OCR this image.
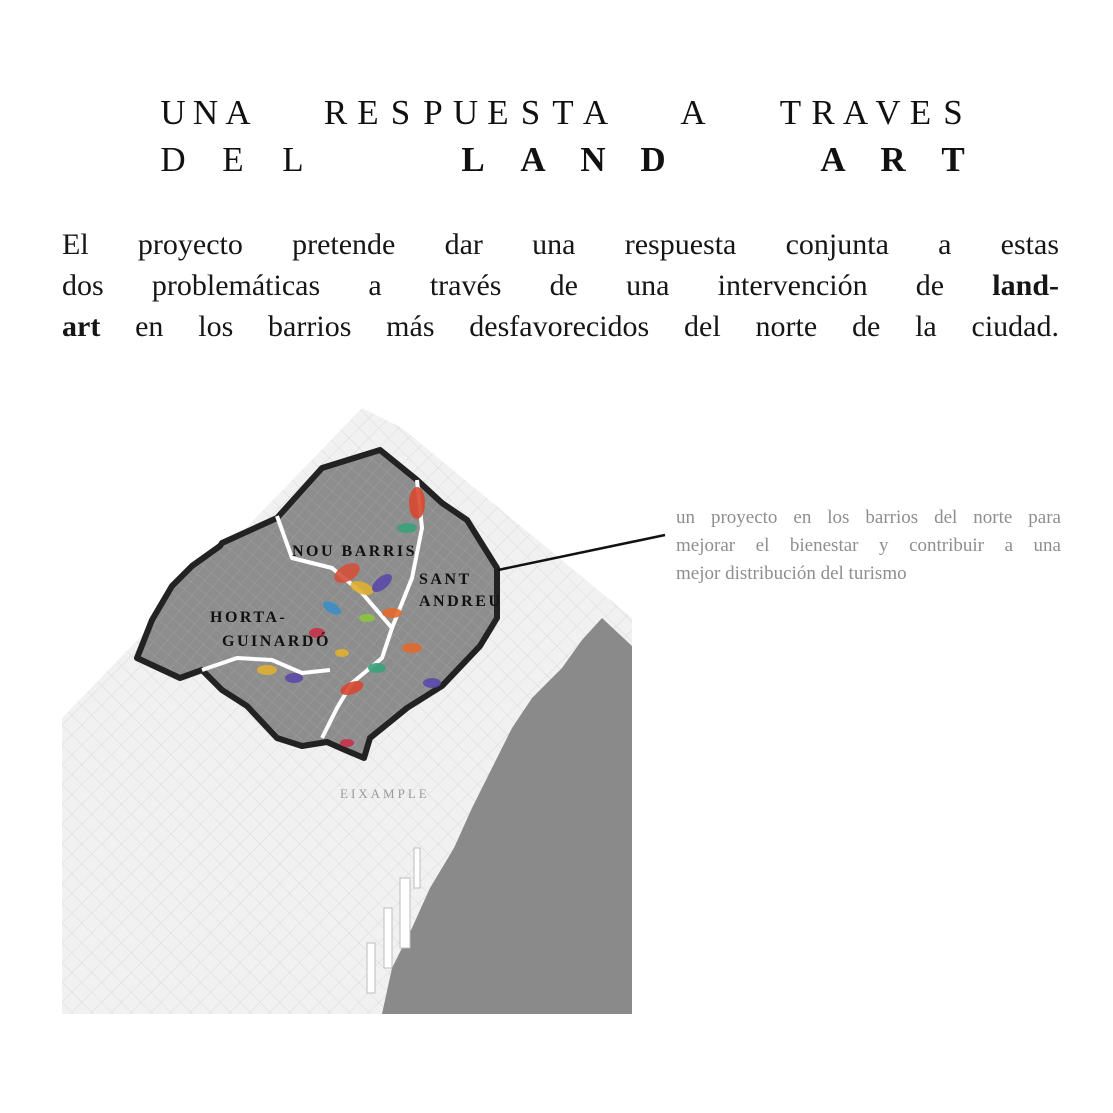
U N A

R E S P U E S T A

A

T R A V E S
D E L

	L A N D

	A R T
El proyecto pretende dar una respuesta conjunta a estas
dos problemáticas a través de una intervención de land-
art en los barrios más desfavorecidos del norte de la ciudad.
NOU BARRIS
SANT
ANDREU
HORTA-
GUINARDÓ
EIXAMPLE
un proyecto en los barrios del norte para
mejorar el bienestar y contribuir a una
mejor distribución del turismo
